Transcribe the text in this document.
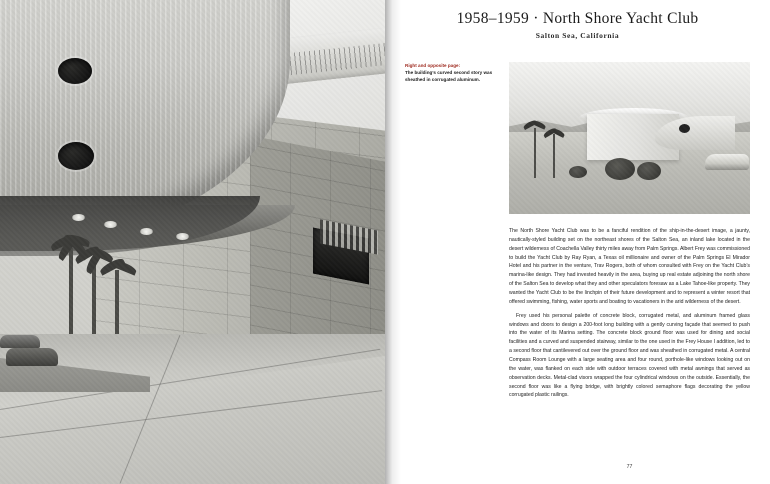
1958–1959 · North Shore Yacht Club
Salton Sea, California
Right and opposite page:
The building’s curved second story was sheathed in corrugated aluminum.

The North Shore Yacht Club was to be a fanciful rendition of the ship-in-the-desert image, a jaunty, nautically-styled building set on the northeast shores of the Salton Sea, an inland lake located in the desert wilderness of Coachella Valley thirty miles away from Palm Springs. Albert Frey was commissioned to build the Yacht Club by Ray Ryan, a Texas oil millionaire and owner of the Palm Springs El Mirador Hotel and his partner in the venture, Trav Rogers, both of whom consulted with Frey on the Yacht Club’s marina-like design. They had invested heavily in the area, buying up real estate adjoining the north shore of the Salton Sea to develop what they and other speculators foresaw as a Lake Tahoe-like property. They wanted the Yacht Club to be the linchpin of their future development and to represent a winter resort that offered swimming, fishing, water sports and boating to vacationers in the arid wilderness of the desert.

Frey used his personal palette of concrete block, corrugated metal, and aluminum framed glass windows and doors to design a 200-foot long building with a gently curving façade that seemed to push into the water of its Marina setting. The concrete block ground floor was used for dining and social facilities and a curved and suspended stairway, similar to the one used in the Frey House I addition, led to a second floor that cantilevered out over the ground floor and was sheathed in corrugated metal. A central Compass Room Lounge with a large seating area and four round, porthole-like windows looking out on the water, was flanked on each side with outdoor terraces covered with metal awnings that served as observation decks. Metal-clad visors wrapped the four cylindrical windows on the outside. Essentially, the second floor was like a flying bridge, with brightly colored semaphore flags decorating the yellow corrugated plastic railings.

77
